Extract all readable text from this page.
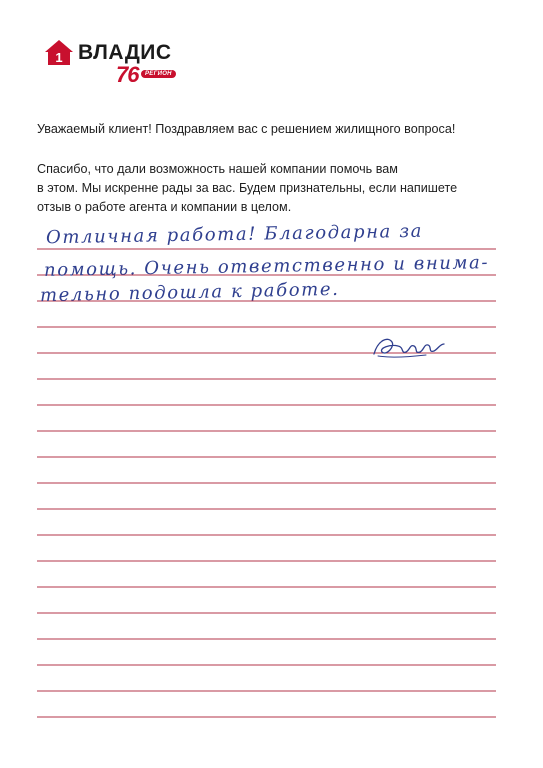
1 ВЛАДИС
76	РЕГИОН
Уважаемый клиент! Поздравляем вас с решением жилищного вопроса!
Спасибо, что дали возможность нашей компании помочь вам
в этом. Мы искренне рады за вас. Будем признательны, если напишете
отзыв о работе агента и компании в целом.
Отличная работа! Благодарна за
помощь. Очень ответственно и внима-
тельно подошла к работе.
